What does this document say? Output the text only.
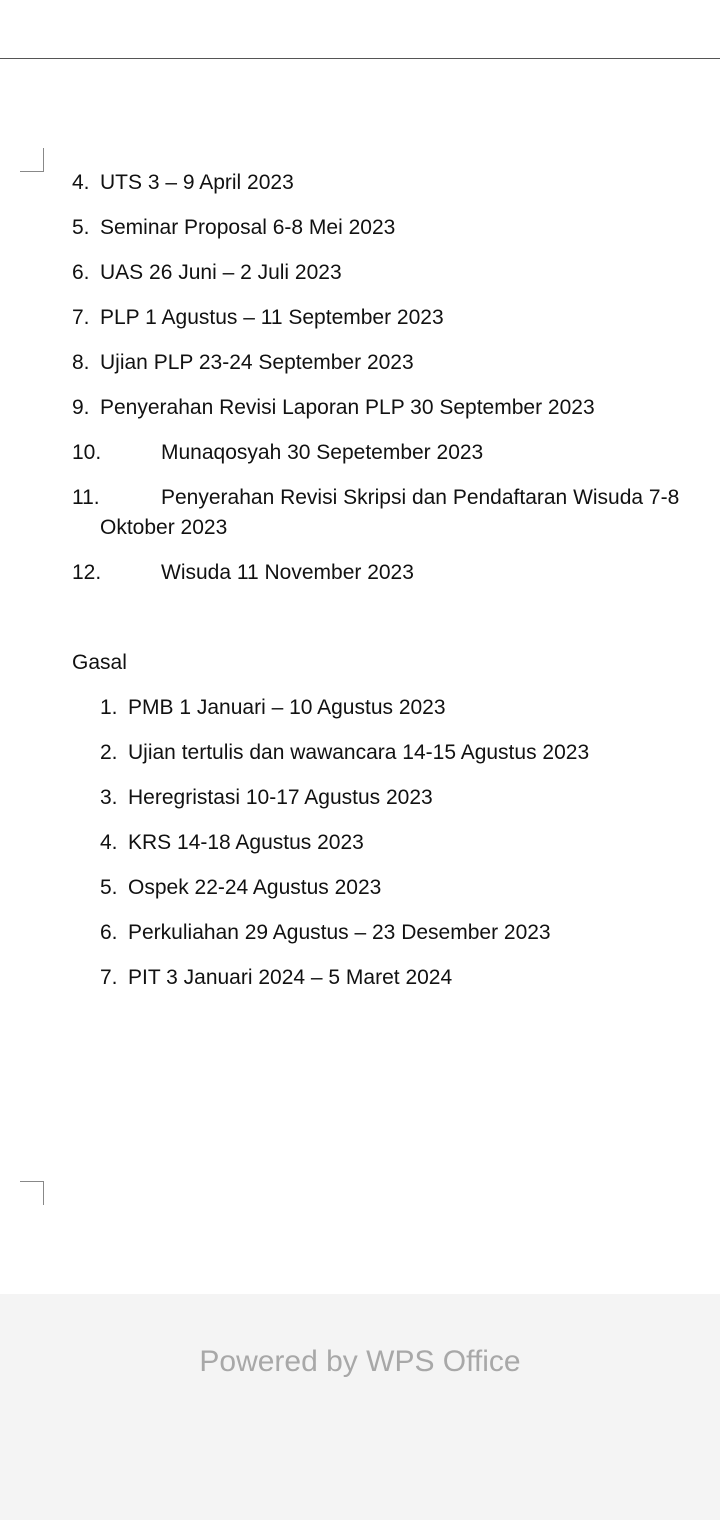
4. UTS 3 – 9 April 2023
5. Seminar Proposal 6-8 Mei 2023
6. UAS 26 Juni – 2 Juli 2023
7. PLP 1 Agustus – 11 September 2023
8. Ujian PLP 23-24 September 2023
9. Penyerahan Revisi Laporan PLP 30 September 2023
10.	Munaqosyah 30 Sepetember 2023
11.	Penyerahan Revisi Skripsi dan Pendaftaran Wisuda 7-8
Oktober 2023
12.	Wisuda 11 November 2023
Gasal
1. PMB 1 Januari – 10 Agustus 2023
2. Ujian tertulis dan wawancara 14-15 Agustus 2023
3. Heregristasi 10-17 Agustus 2023
4. KRS 14-18 Agustus 2023
5. Ospek 22-24 Agustus 2023
6. Perkuliahan 29 Agustus – 23 Desember 2023
7. PIT 3 Januari 2024 – 5 Maret 2024
Powered by WPS Office
